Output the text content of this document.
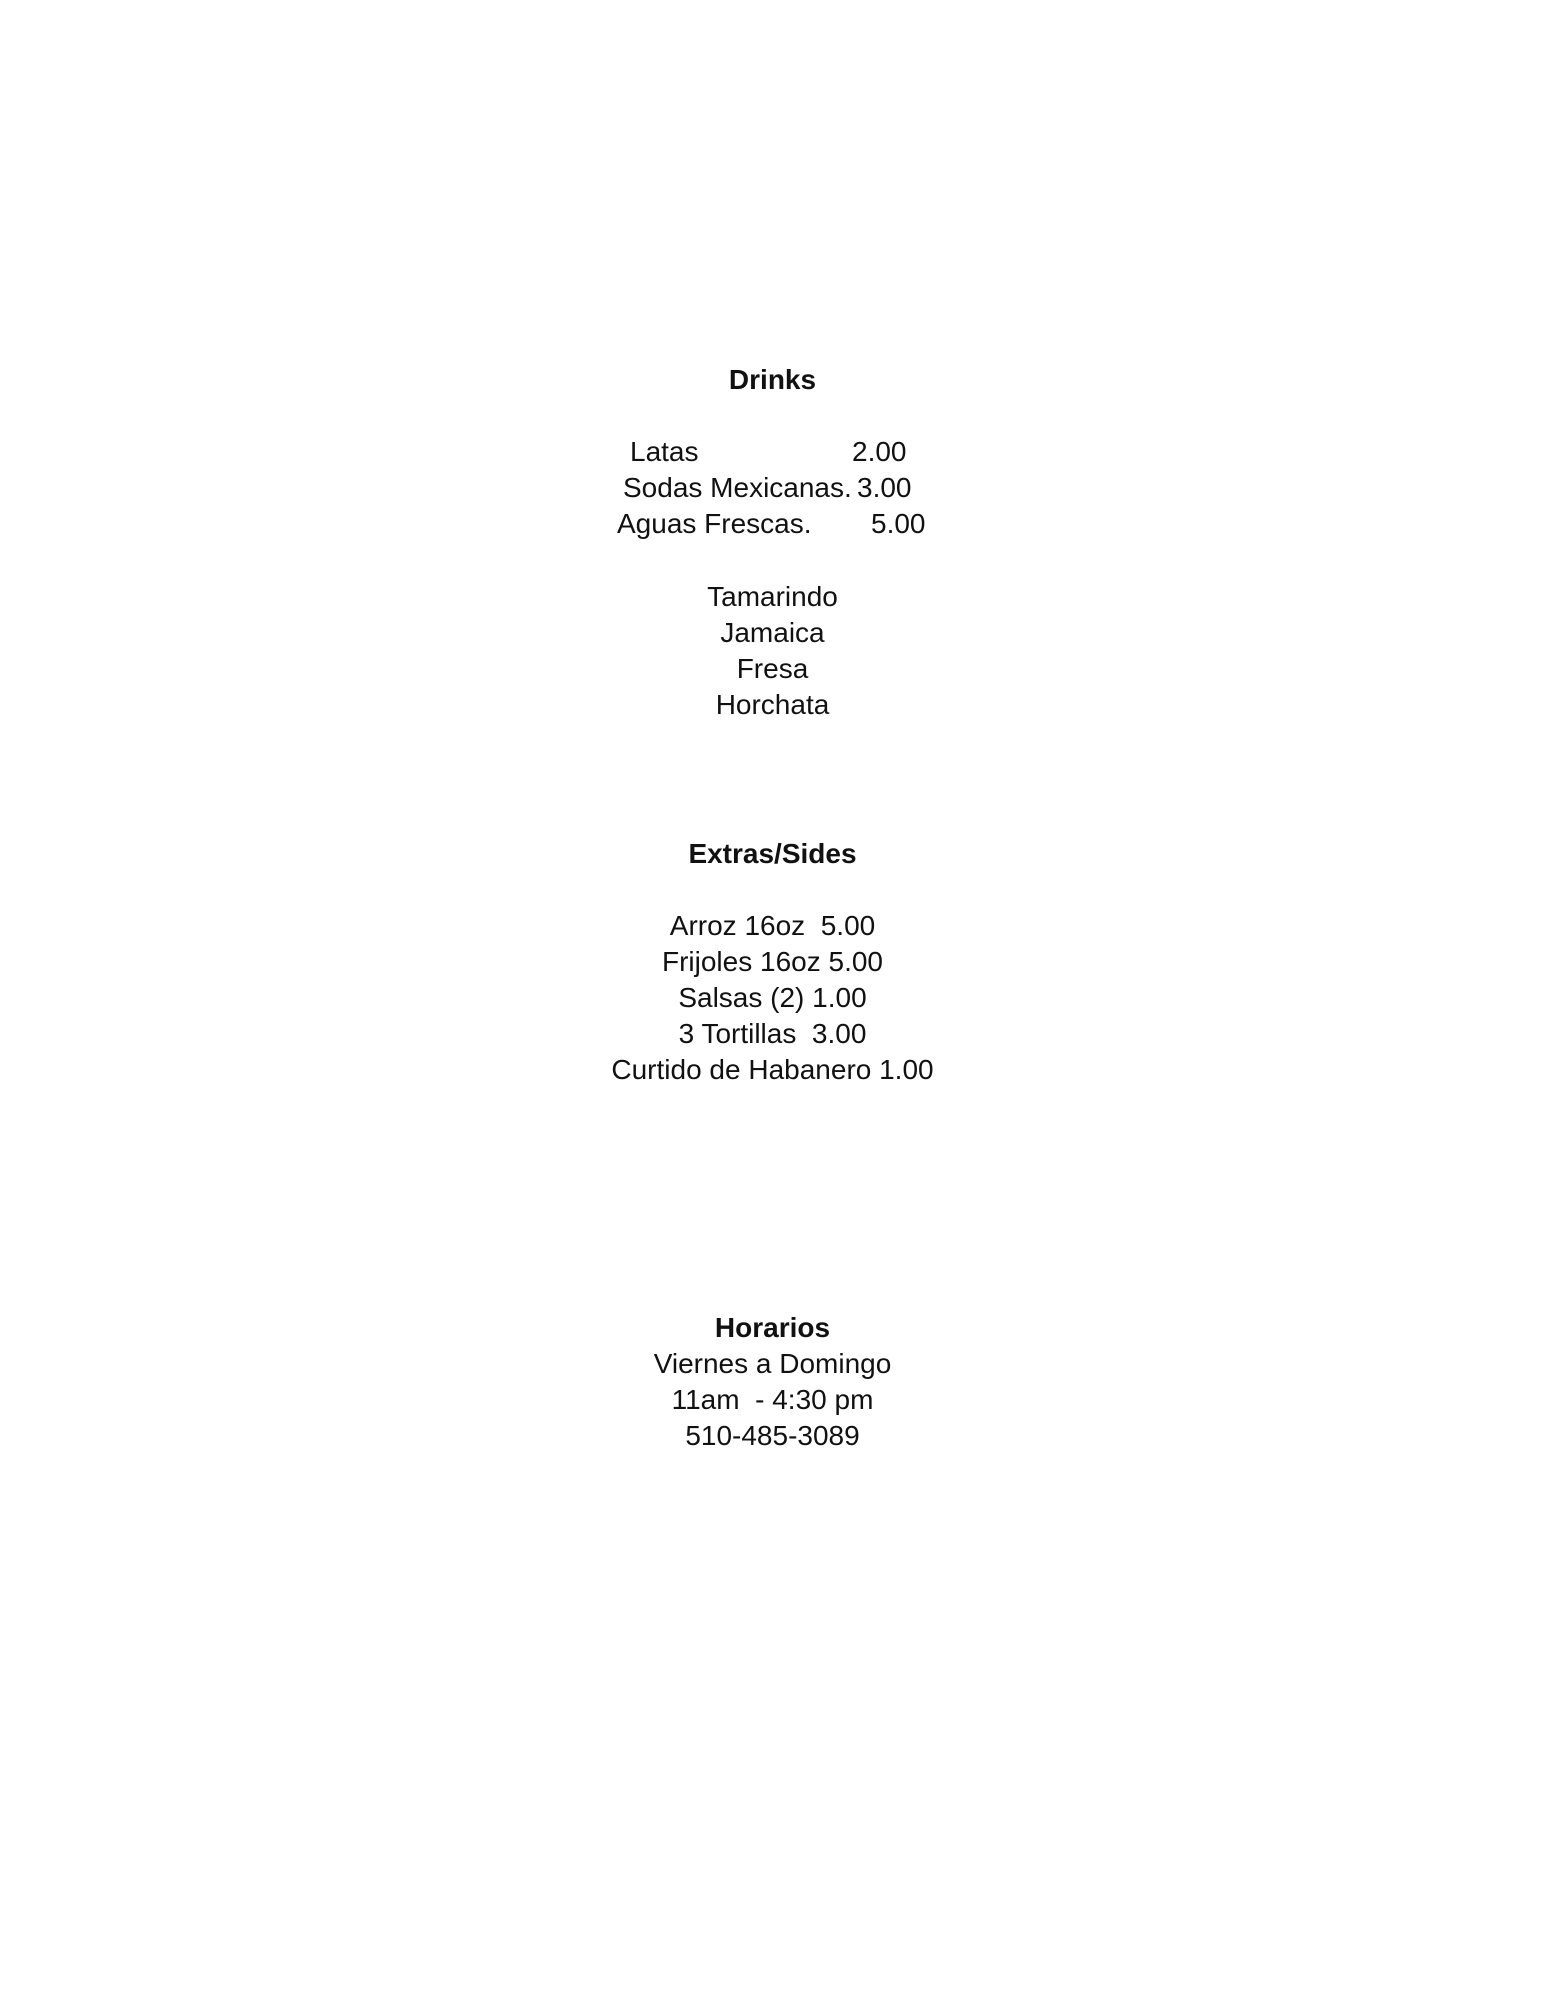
Drinks

Latas

	2.00

Sodas Mexicanas.

3.00

Aguas Frescas.

5.00

Tamarindo
Jamaica
Fresa
Horchata
Extras/Sides
Arroz 16oz  5.00
Frijoles 16oz 5.00
Salsas (2) 1.00
3 Tortillas  3.00
Curtido de Habanero 1.00
Horarios
Viernes a Domingo
11am  - 4:30 pm
510-485-3089
